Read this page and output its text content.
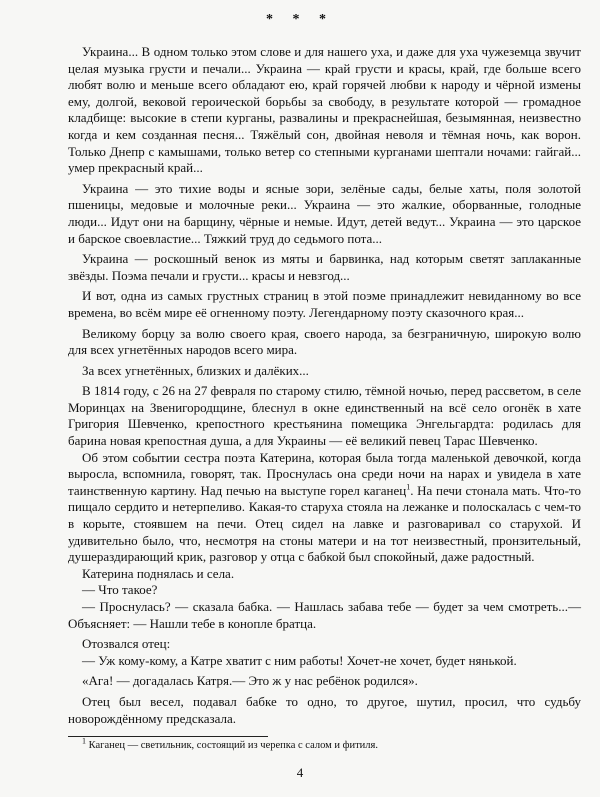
* * *

Украина... В одном только этом слове и для нашего уха, и даже для уха чужеземца звучит целая музыка грусти и печали... Украина — край грусти и красы, край, где больше всего любят волю и меньше всего обладают ею, край горячей любви к народу и чёрной измены ему, долгой, вековой героической борьбы за свободу, в результате которой — громадное кладбище: высокие в степи курганы, развалины и прекраснейшая, безымянная, неизвестно когда и кем созданная песня... Тяжёлый сон, двойная неволя и тёмная ночь, как ворон. Только Днепр с камышами, только ветер со степными курганами шептали ночами: гайгай... умер прекрасный край...

Украина — это тихие воды и ясные зори, зелёные сады, белые хаты, поля золотой пшеницы, медовые и молочные реки... Украина — это жалкие, оборванные, голодные люди... Идут они на барщину, чёрные и немые. Идут, детей ведут... Украина — это царское и барское своевластие... Тяжкий труд до седьмого пота...

Украина — роскошный венок из мяты и барвинка, над которым светят заплаканные звёзды. Поэма печали и грусти... красы и невзгод...

И вот, одна из самых грустных страниц в этой поэме принадлежит невиданному во все времена, во всём мире её огненному поэту. Легендарному поэту сказочного края...

Великому борцу за волю своего края, своего народа, за безграничную, широкую волю для всех угнетённых народов всего мира.

За всех угнетённых, близких и далёких...

В 1814 году, с 26 на 27 февраля по старому стилю, тёмной ночью, перед рассветом, в селе Моринцах на Звенигородщине, блеснул в окне единственный на всё село огонёк в хате Григория Шевченко, крепостного крестьянина помещика Энгельгардта: родилась для барина новая крепостная душа, а для Украины — её великий певец Тарас Шевченко.

Об этом событии сестра поэта Катерина, которая была тогда маленькой девочкой, когда выросла, вспомнила, говорят, так. Проснулась она среди ночи на нарах и увидела в хате таинственную картину. Над печью на выступе горел каганец$^1$. На печи стонала мать. Что-то пищало сердито и нетерпеливо. Какая-то старуха стояла на лежанке и полоскалась с чем-то в корыте, стоявшем на печи. Отец сидел на лавке и разговаривал со старухой. И удивительно было, что, несмотря на стоны матери и на тот неизвестный, пронзительный, душераздирающий крик, разговор у отца с бабкой был спокойный, даже радостный.

Катерина поднялась и села.

— Что такое?

— Проснулась? — сказала бабка. — Нашлась забава тебе — будет за чем смотреть...— Объясняет: — Нашли тебе в конопле братца.

Отозвался отец:

— Уж кому-кому, а Катре хватит с ним работы! Хочет-не хочет, будет нянькой.

«Ага! — догадалась Катря.— Это ж у нас ребёнок родился».

Отец был весел, подавал бабке то одно, то другое, шутил, просил, что судьбу новорождённому предсказала.

$^1$ Каганец — светильник, состоящий из черепка с салом и фитиля.
4
